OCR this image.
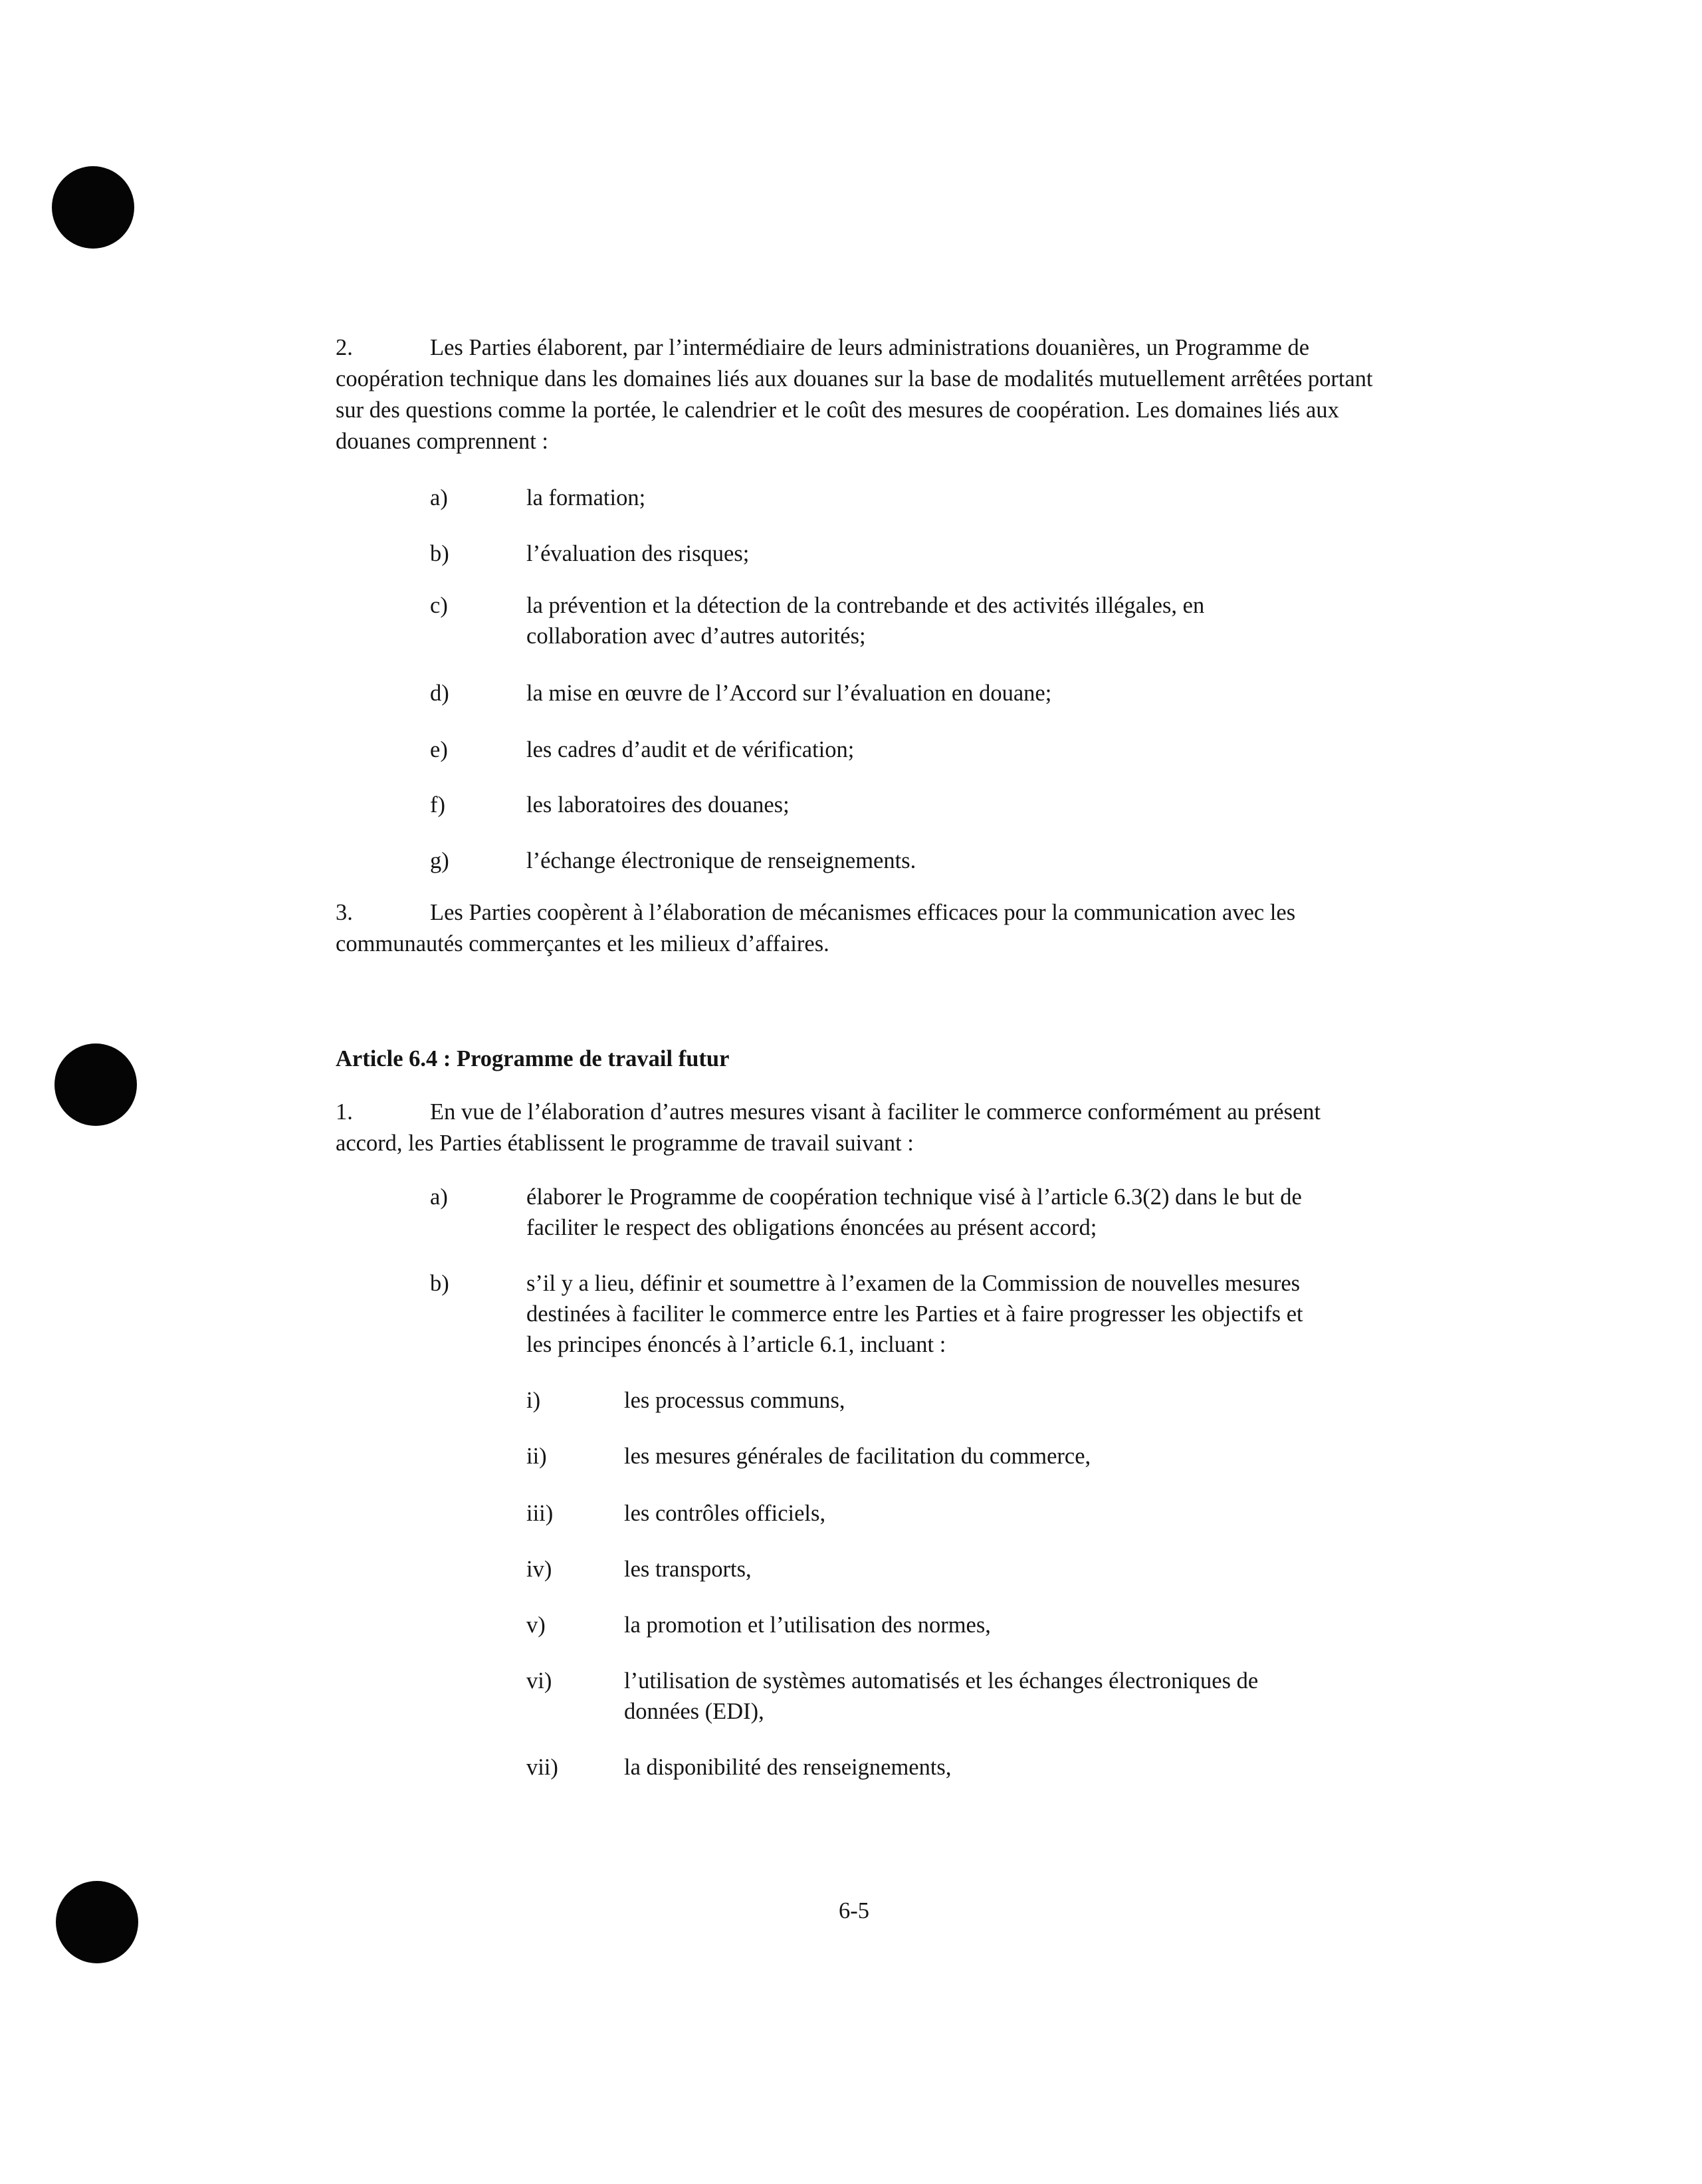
2.	Les Parties élaborent, par l’intermédiaire de leurs administrations douanières, un Programme de coopération technique dans les domaines liés aux douanes sur la base de modalités mutuellement arrêtées portant sur des questions comme la portée, le calendrier et le coût des mesures de coopération. Les domaines liés aux douanes comprennent :
a)	la formation;
b)	l’évaluation des risques;
c)	la prévention et la détection de la contrebande et des activités illégales, en collaboration avec d’autres autorités;
d)	la mise en œuvre de l’Accord sur l’évaluation en douane;
e)	les cadres d’audit et de vérification;
f)	les laboratoires des douanes;
g)	l’échange électronique de renseignements.
3.	Les Parties coopèrent à l’élaboration de mécanismes efficaces pour la communication avec les communautés commerçantes et les milieux d’affaires.
Article 6.4 : Programme de travail futur
1.	En vue de l’élaboration d’autres mesures visant à faciliter le commerce conformément au présent accord, les Parties établissent le programme de travail suivant :
a)	élaborer le Programme de coopération technique visé à l’article 6.3(2) dans le but de faciliter le respect des obligations énoncées au présent accord;
b)	s’il y a lieu, définir et soumettre à l’examen de la Commission de nouvelles mesures destinées à faciliter le commerce entre les Parties et à faire progresser les objectifs et les principes énoncés à l’article 6.1, incluant :
i)	les processus communs,
ii)	les mesures générales de facilitation du commerce,
iii)	les contrôles officiels,
iv)	les transports,
v)	la promotion et l’utilisation des normes,
vi)	l’utilisation de systèmes automatisés et les échanges électroniques de données (EDI),
vii)	la disponibilité des renseignements,
6-5
